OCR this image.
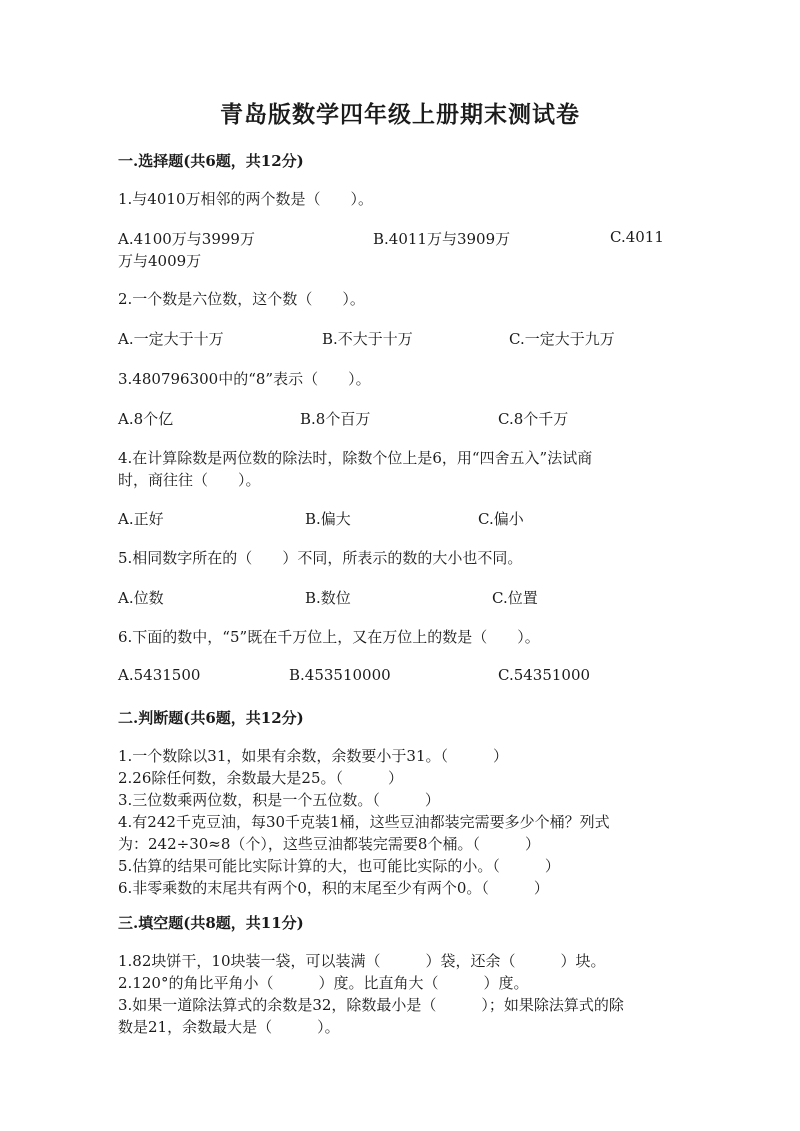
青岛版数学四年级上册期末测试卷
一.选择题(共6题，共12分)
1.与4010万相邻的两个数是（　　）。
A.4100万与3999万	B.4011万与3909万	C.4011
万与4009万
2.一个数是六位数，这个数（　　）。
A.一定大于十万	B.不大于十万	C.一定大于九万
3.480796300中的“8”表示（　　）。
A.8个亿	B.8个百万	C.8个千万
4.在计算除数是两位数的除法时，除数个位上是6，用“四舍五入”法试商
时，商往往（　　）。
A.正好	B.偏大	C.偏小
5.相同数字所在的（　　）不同，所表示的数的大小也不同。
A.位数	B.数位	C.位置
6.下面的数中，“5”既在千万位上，又在万位上的数是（　　）。
A.5431500	B.453510000	C.54351000
二.判断题(共6题，共12分)
1.一个数除以31，如果有余数，余数要小于31。（　　　）
2.26除任何数，余数最大是25。（　　　）
3.三位数乘两位数，积是一个五位数。（　　　）
4.有242千克豆油，每30千克装1桶，这些豆油都装完需要多少个桶？列式
为：242÷30≈8（个），这些豆油都装完需要8个桶。（　　　）
5.估算的结果可能比实际计算的大，也可能比实际的小。（　　　）
6.非零乘数的末尾共有两个0，积的末尾至少有两个0。（　　　）
三.填空题(共8题，共11分)
1.82块饼干，10块装一袋，可以装满（　　　）袋，还余（　　　）块。
2.120°的角比平角小（　　　）度。比直角大（　　　）度。
3.如果一道除法算式的余数是32，除数最小是（　　　）；如果除法算式的除
数是21，余数最大是（　　　）。
